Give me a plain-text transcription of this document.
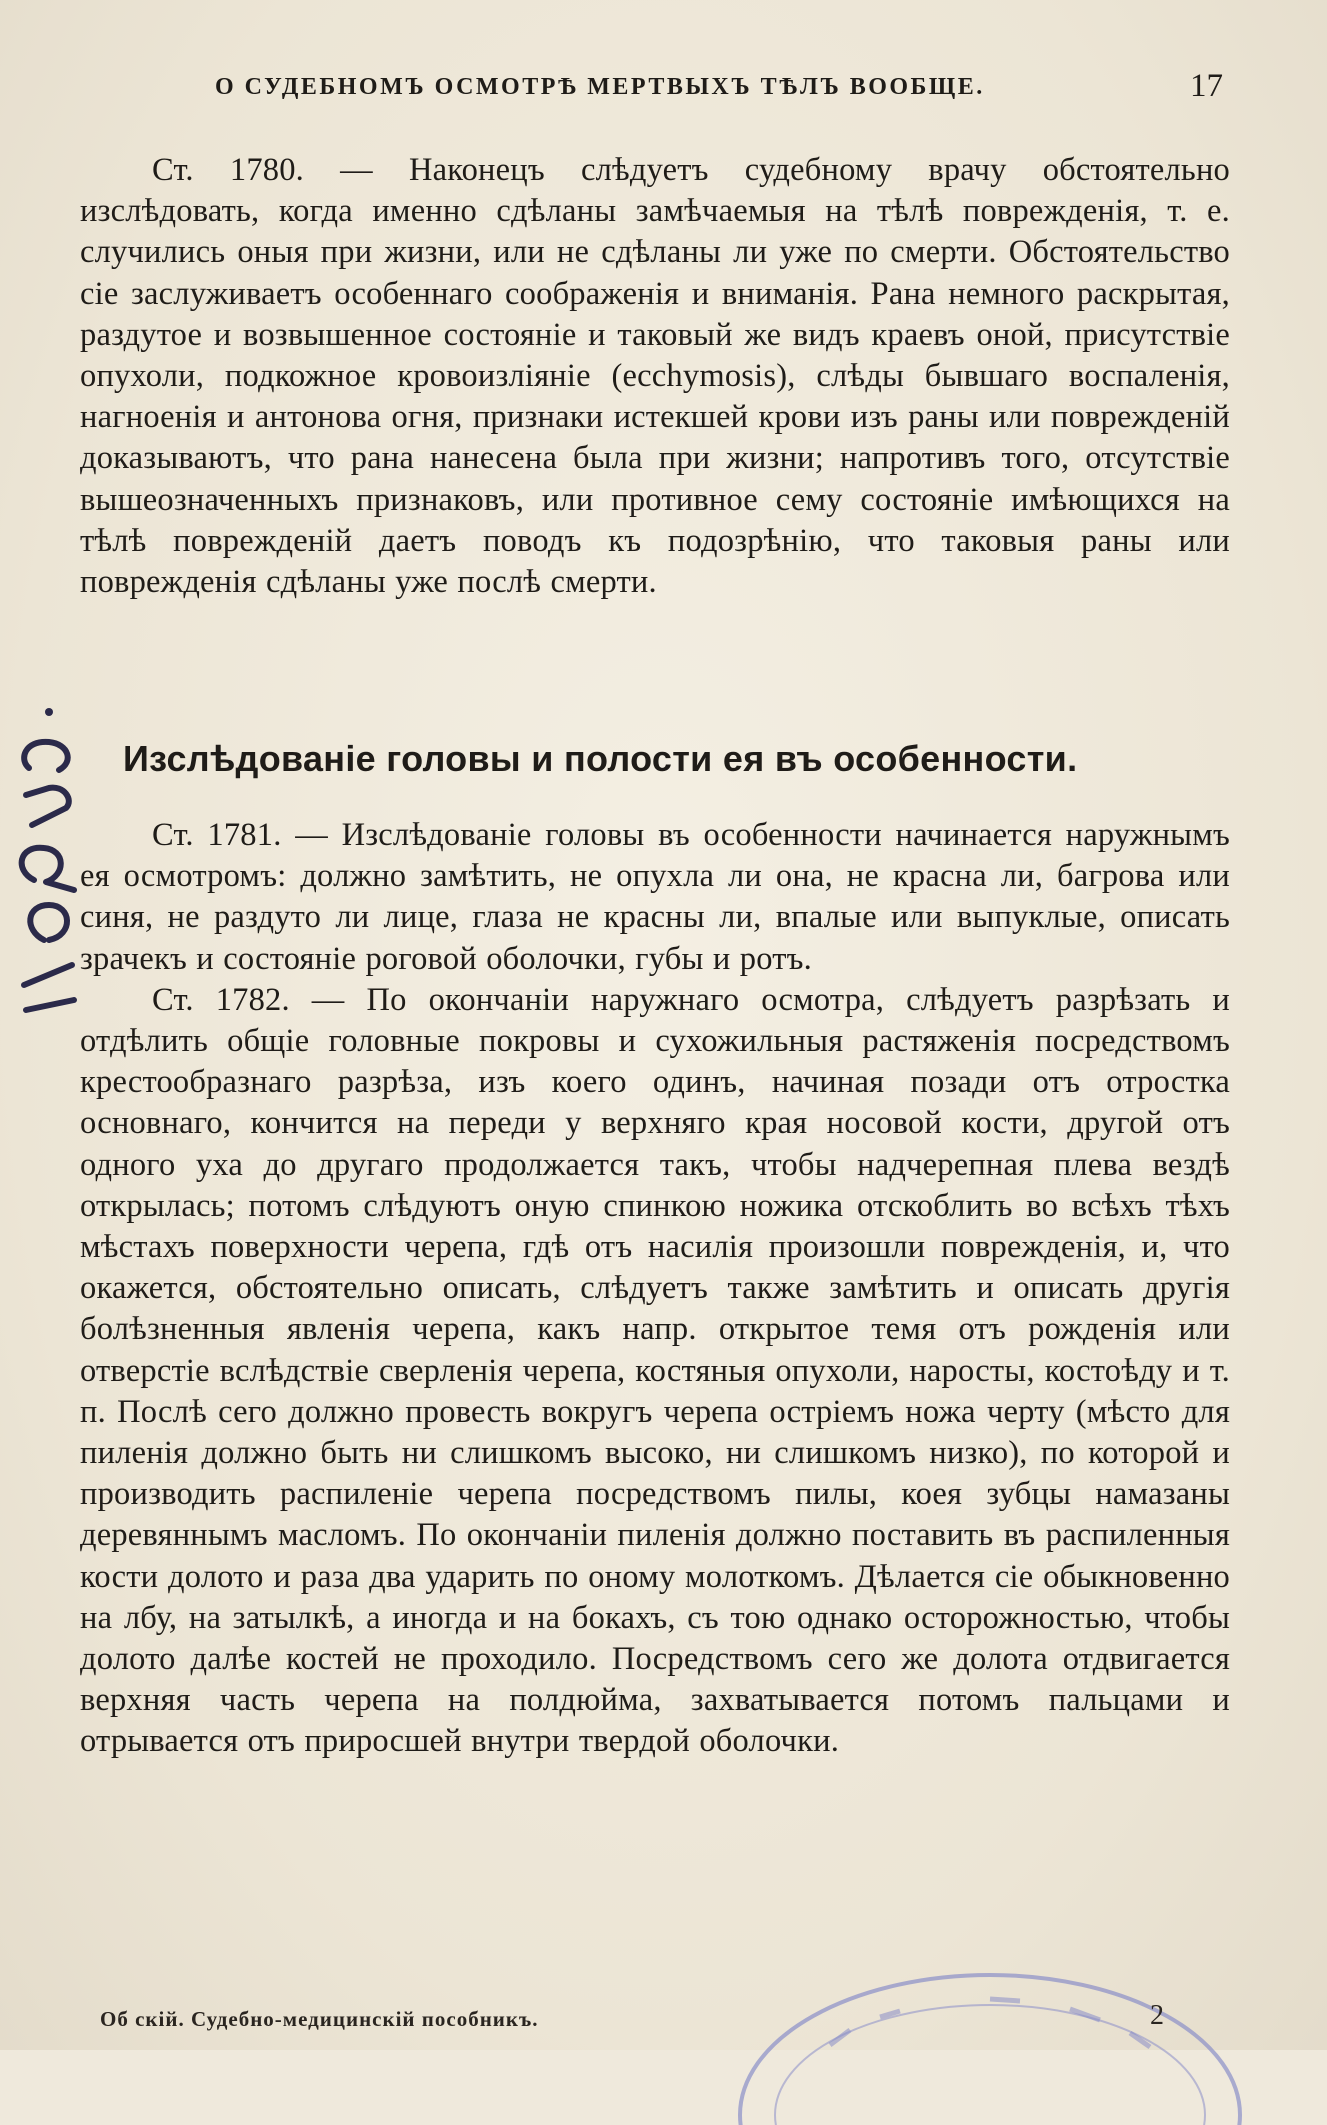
О СУДЕБНОМЪ ОСМОТРѢ МЕРТВЫХЪ ТѢЛЪ ВООБЩЕ.	17

Ст. 1780. — Наконецъ слѣдуетъ судебному врачу обстоятельно изслѣдовать, когда именно сдѣланы замѣчаемыя на тѣлѣ поврежденія, т. е. случились оныя при жизни, или не сдѣланы ли уже по смерти. Обстоятельство сіе заслуживаетъ особеннаго соображенія и вниманія. Рана немного раскрытая, раздутое и возвышенное состояніе и таковый же видъ краевъ оной, присутствіе опухоли, подкожное кровоизліяніе (ecchymosis), слѣды бывшаго воспаленія, нагноенія и антонова огня, признаки истекшей крови изъ раны или поврежденій доказываютъ, что рана нанесена была при жизни; напротивъ того, отсутствіе вышеозначенныхъ признаковъ, или противное сему состояніе имѣющихся на тѣлѣ поврежденій даетъ поводъ къ подозрѣнію, что таковыя раны или поврежденія сдѣланы уже послѣ смерти.

Изслѣдованіе головы и полости ея въ особенности.

Ст. 1781. — Изслѣдованіе головы въ особенности начинается наружнымъ ея осмотромъ: должно замѣтить, не опухла ли она, не красна ли, багрова или синя, не раздуто ли лице, глаза не красны ли, впалые или выпуклые, описать зрачекъ и состояніе роговой оболочки, губы и ротъ.

Ст. 1782. — По окончаніи наружнаго осмотра, слѣдуетъ разрѣзать и отдѣлить общіе головные покровы и сухожильныя растяженія посредствомъ крестообразнаго разрѣза, изъ коего одинъ, начиная позади отъ отростка основнаго, кончится на переди у верхняго края носовой кости, другой отъ одного уха до другаго продолжается такъ, чтобы надчерепная плева вездѣ открылась; потомъ слѣдуютъ оную спинкою ножика отскоблить во всѣхъ тѣхъ мѣстахъ поверхности черепа, гдѣ отъ насилія произошли поврежденія, и, что окажется, обстоятельно описать, слѣдуетъ также замѣтить и описать другія болѣзненныя явленія черепа, какъ напр. открытое темя отъ рожденія или отверстіе вслѣдствіе сверленія черепа, костяныя опухоли, наросты, костоѣду и т. п. Послѣ сего должно провесть вокругъ черепа остріемъ ножа черту (мѣсто для пиленія должно быть ни слишкомъ высоко, ни слишкомъ низко), по которой и производить распиленіе черепа посредствомъ пилы, коея зубцы намазаны деревяннымъ масломъ. По окончаніи пиленія должно поставить въ распиленныя кости долото и раза два ударить по оному молоткомъ. Дѣлается сіе обыкновенно на лбу, на затылкѣ, а иногда и на бокахъ, съ тою однако осторожностью, чтобы долото далѣе костей не проходило. Посредствомъ сего же долота отдвигается верхняя часть черепа на полдюйма, захватывается потомъ пальцами и отрывается отъ приросшей внутри твердой оболочки.

Об скій. Судебно-медицинскій пособникъ.	2
